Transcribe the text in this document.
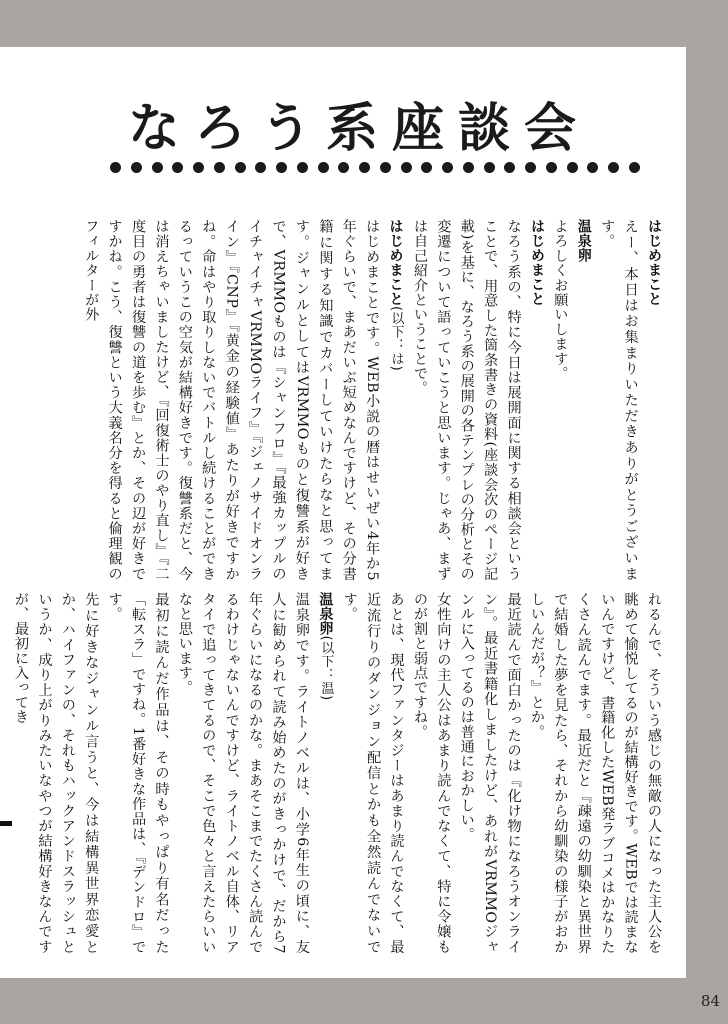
84
なろう系座談会
はじめまこと
えー、本日はお集まりいただきありがとうございます。
温泉卵
よろしくお願いします。
はじめまこと
なろう系の、特に今日は展開面に関する相談会ということで、用意した箇条書きの資料(座談会次のページ記載)を基に、なろう系の展開の各テンプレの分析とその変遷について語っていこうと思います。じゃあ、まずは自己紹介ということで。
はじめまこと(以下：は)
はじめまことです。WEB小説の暦はせいぜい4年か5年ぐらいで、まあだいぶ短めなんですけど、その分書籍に関する知識でカバーしていけたらなと思ってます。ジャンルとしてはVRMMOものと復讐系が好きで、VRMMOものは『シャンフロ』『最強カップルのイチャイチャVRMMOライフ』『ジェノサイドオンライン』『CNP』『黄金の経験値』あたりが好きですかね。命はやり取りしないでバトルし続けることができるっていうこの空気が結構好きです。復讐系だと、今は消えちゃいましたけど、『回復術士のやり直し』『二度目の勇者は復讐の道を歩む』とか、その辺が好きですかね。こう、復讐という大義名分を得ると倫理観のフィルターが外
れるんで、そういう感じの無敵の人になった主人公を眺めて愉悦してるのが結構好きです。WEBでは読まないんですけど、書籍化したWEB発ラブコメはかなりたくさん読んでます。最近だと『疎遠の幼馴染と異世界で結婚した夢を見たら、それから幼馴染の様子がおかしいんだが？』とか。
最近読んで面白かったのは『化け物になろうオンライン』。最近書籍化しましたけど、あれがVRMMOジャンルに入ってるのは普通におかしい。
女性向けの主人公はあまり読んでなくて、特に令嬢ものが割と弱点ですね。
あとは、現代ファンタジーはあまり読んでなくて、最近流行りのダンジョン配信とかも全然読んでないです。
温泉卵(以下：温)
温泉卵です。ライトノベルは、小学6年生の頃に、友人に勧められて読み始めたのがきっかけで、だから7年ぐらいになるのかな。まあそこまでたくさん読んでるわけじゃないんですけど、ライトノベル自体、リアタイで追ってきてるので、そこで色々と言えたらいいなと思います。
最初に読んだ作品は、その時もやっぱり有名だった「転スラ」ですね。1番好きな作品は、『デンドロ』です。
先に好きなジャンル言うと、今は結構異世界恋愛とか、ハイファンの、それもハックアンドスラッシュというか、成り上がりみたいなやつが結構好きなんですが、最初に入ってき
